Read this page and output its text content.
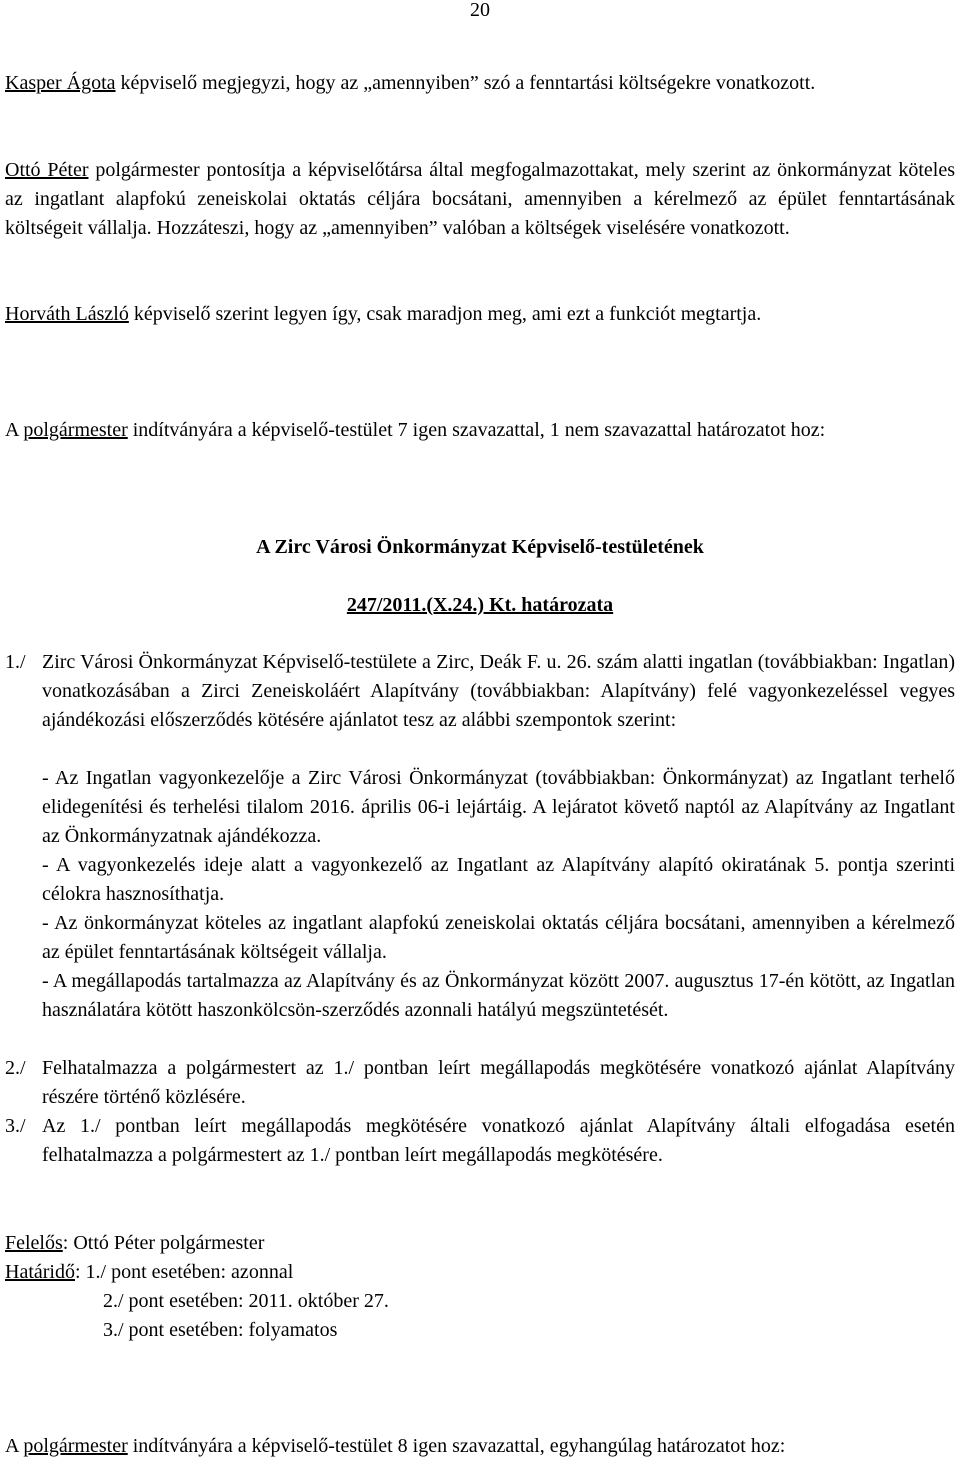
20
Kasper Ágota képviselő megjegyzi, hogy az „amennyiben” szó a fenntartási költségekre vonatkozott.
Ottó Péter polgármester pontosítja a képviselőtársa által megfogalmazottakat, mely szerint az önkormányzat köteles az ingatlant alapfokú zeneiskolai oktatás céljára bocsátani, amennyiben a kérelmező az épület fenntartásának költségeit vállalja. Hozzáteszi, hogy az „amennyiben” valóban a költségek viselésére vonatkozott.
Horváth László képviselő szerint legyen így, csak maradjon meg, ami ezt a funkciót megtartja.
A polgármester indítványára a képviselő-testület 7 igen szavazattal, 1 nem szavazattal határozatot hoz:
A Zirc Városi Önkormányzat Képviselő-testületének
247/2011.(X.24.) Kt. határozata
1./ Zirc Városi Önkormányzat Képviselő-testülete a Zirc, Deák F. u. 26. szám alatti ingatlan (továbbiakban: Ingatlan) vonatkozásában a Zirci Zeneiskoláért Alapítvány (továbbiakban: Alapítvány) felé vagyonkezeléssel vegyes ajándékozási előszerződés kötésére ajánlatot tesz az alábbi szempontok szerint:
- Az Ingatlan vagyonkezelője a Zirc Városi Önkormányzat (továbbiakban: Önkormányzat) az Ingatlant terhelő elidegenítési és terhelési tilalom 2016. április 06-i lejártáig. A lejáratot követő naptól az Alapítvány az Ingatlant az Önkormányzatnak ajándékozza.
- A vagyonkezelés ideje alatt a vagyonkezelő az Ingatlant az Alapítvány alapító okiratának 5. pontja szerinti célokra hasznosíthatja.
- Az önkormányzat köteles az ingatlant alapfokú zeneiskolai oktatás céljára bocsátani, amennyiben a kérelmező az épület fenntartásának költségeit vállalja.
- A megállapodás tartalmazza az Alapítvány és az Önkormányzat között 2007. augusztus 17-én kötött, az Ingatlan használatára kötött haszonkölcsön-szerződés azonnali hatályú megszüntetését.
2./ Felhatalmazza a polgármestert az 1./ pontban leírt megállapodás megkötésére vonatkozó ajánlat Alapítvány részére történő közlésére.
3./ Az 1./ pontban leírt megállapodás megkötésére vonatkozó ajánlat Alapítvány általi elfogadása esetén felhatalmazza a polgármestert az 1./ pontban leírt megállapodás megkötésére.
Felelős: Ottó Péter polgármester
Határidő: 1./ pont esetében: azonnal
2./ pont esetében: 2011. október 27.
3./ pont esetében: folyamatos
A polgármester indítványára a képviselő-testület 8 igen szavazattal, egyhangúlag határozatot hoz:
